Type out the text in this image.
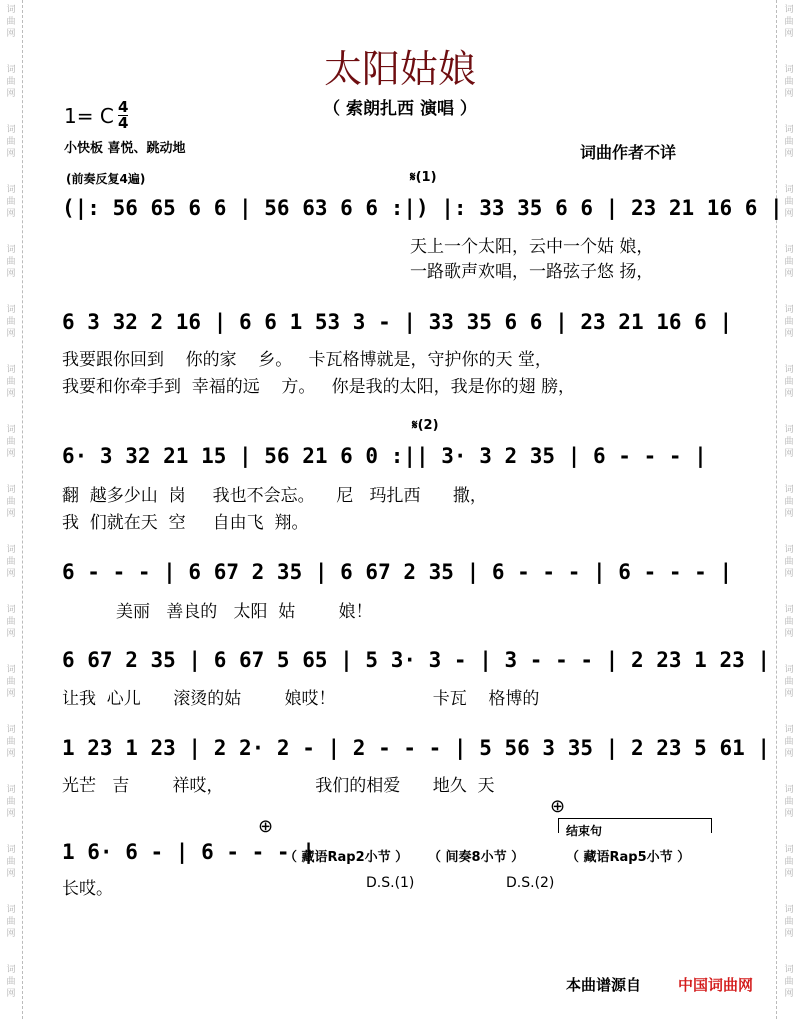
词
曲
网
词
曲
网
词
曲
网
词
曲
网
词
曲
网
词
曲
网
词
曲
网
词
曲
网
词
曲
网
词
曲
网
词
曲
网
词
曲
网
词
曲
网
词
曲
网
词
曲
网
词
曲
网
词
曲
网
词
曲
网
词
曲
网
词
曲
网
词
曲
网
词
曲
网
词
曲
网
词
曲
网
词
曲
网
词
曲
网
词
曲
网
词
曲
网
词
曲
网
词
曲
网
词
曲
网
词
曲
网
词
曲
网
词
曲
网
太阳姑娘
（ 索朗扎西 演唱 ）
1= C 4
4
小快板 喜悦、跳动地	词曲作者不详
(前奏反复4遍)	𝄋(1)
(|: 56 65 6 6 | 56 63 6 6 :|) |: 33 35 6 6 | 23 21 16 6 |
天上一个太阳，云中一个姑 娘，
一路歌声欢唱，一路弦子悠 扬，
6 3 32 2 16 | 6 6 1 53 3 - | 33 35 6 6 | 23 21 16 6 |
我要跟你回到    你的家    乡。   卡瓦格博就是，守护你的天 堂，
我要和你牵手到  幸福的远    方。   你是我的太阳，我是你的翅 膀，
𝄋(2)
6· 3 32 21 15 | 56 21 6 0 :|| 3· 3 2 35 | 6 - - - |
翻  越多少山  岗     我也不会忘。    尼   玛扎西      撒，
我  们就在天  空     自由飞  翔。
6 - - - | 6 67 2 35 | 6 67 2 35 | 6 - - - | 6 - - - |
美丽   善良的   太阳  姑        娘！
6 67 2 35 | 6 67 5 65 | 5 3· 3 - | 3 - - - | 2 23 1 23 |
让我  心儿      滚烫的姑        娘哎！                  卡瓦    格博的
1 23 1 23 | 2 2· 2 - | 2 - - - | 5 56 3 35 | 2 23 5 61 |
光芒   吉        祥哎，                 我们的相爱      地久  天
⊕
⊕
结束句
1 6· 6 - | 6 - - - |
（ 藏语Rap2小节 ） （ 间奏8小节 ）	（ 藏语Rap5小节 ）
长哎。	D.S.(1)	D.S.(2)
本曲谱源自 中国词曲网
